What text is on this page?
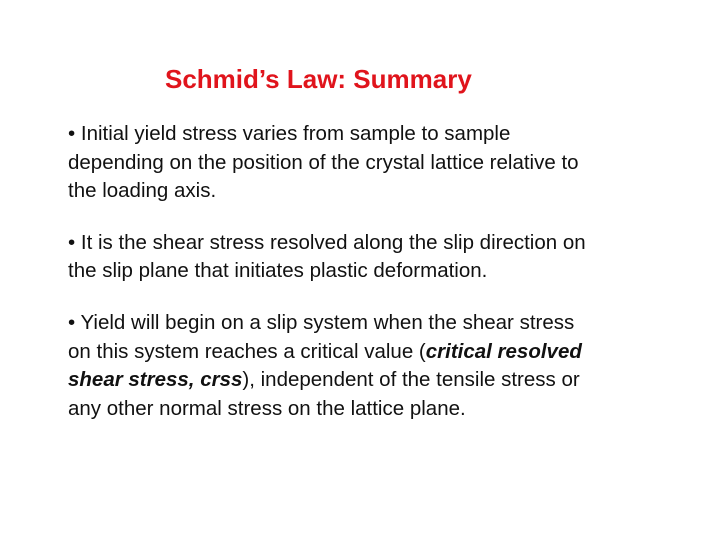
Schmid’s Law: Summary

• Initial yield stress varies from sample to sample
depending on the position of the crystal lattice relative to
the loading axis.

• It is the shear stress resolved along the slip direction on
the slip plane that initiates plastic deformation.

• Yield will begin on a slip system when the shear stress
on this system reaches a critical value (critical resolved
shear stress, crss), independent of the tensile stress or
any other normal stress on the lattice plane.
